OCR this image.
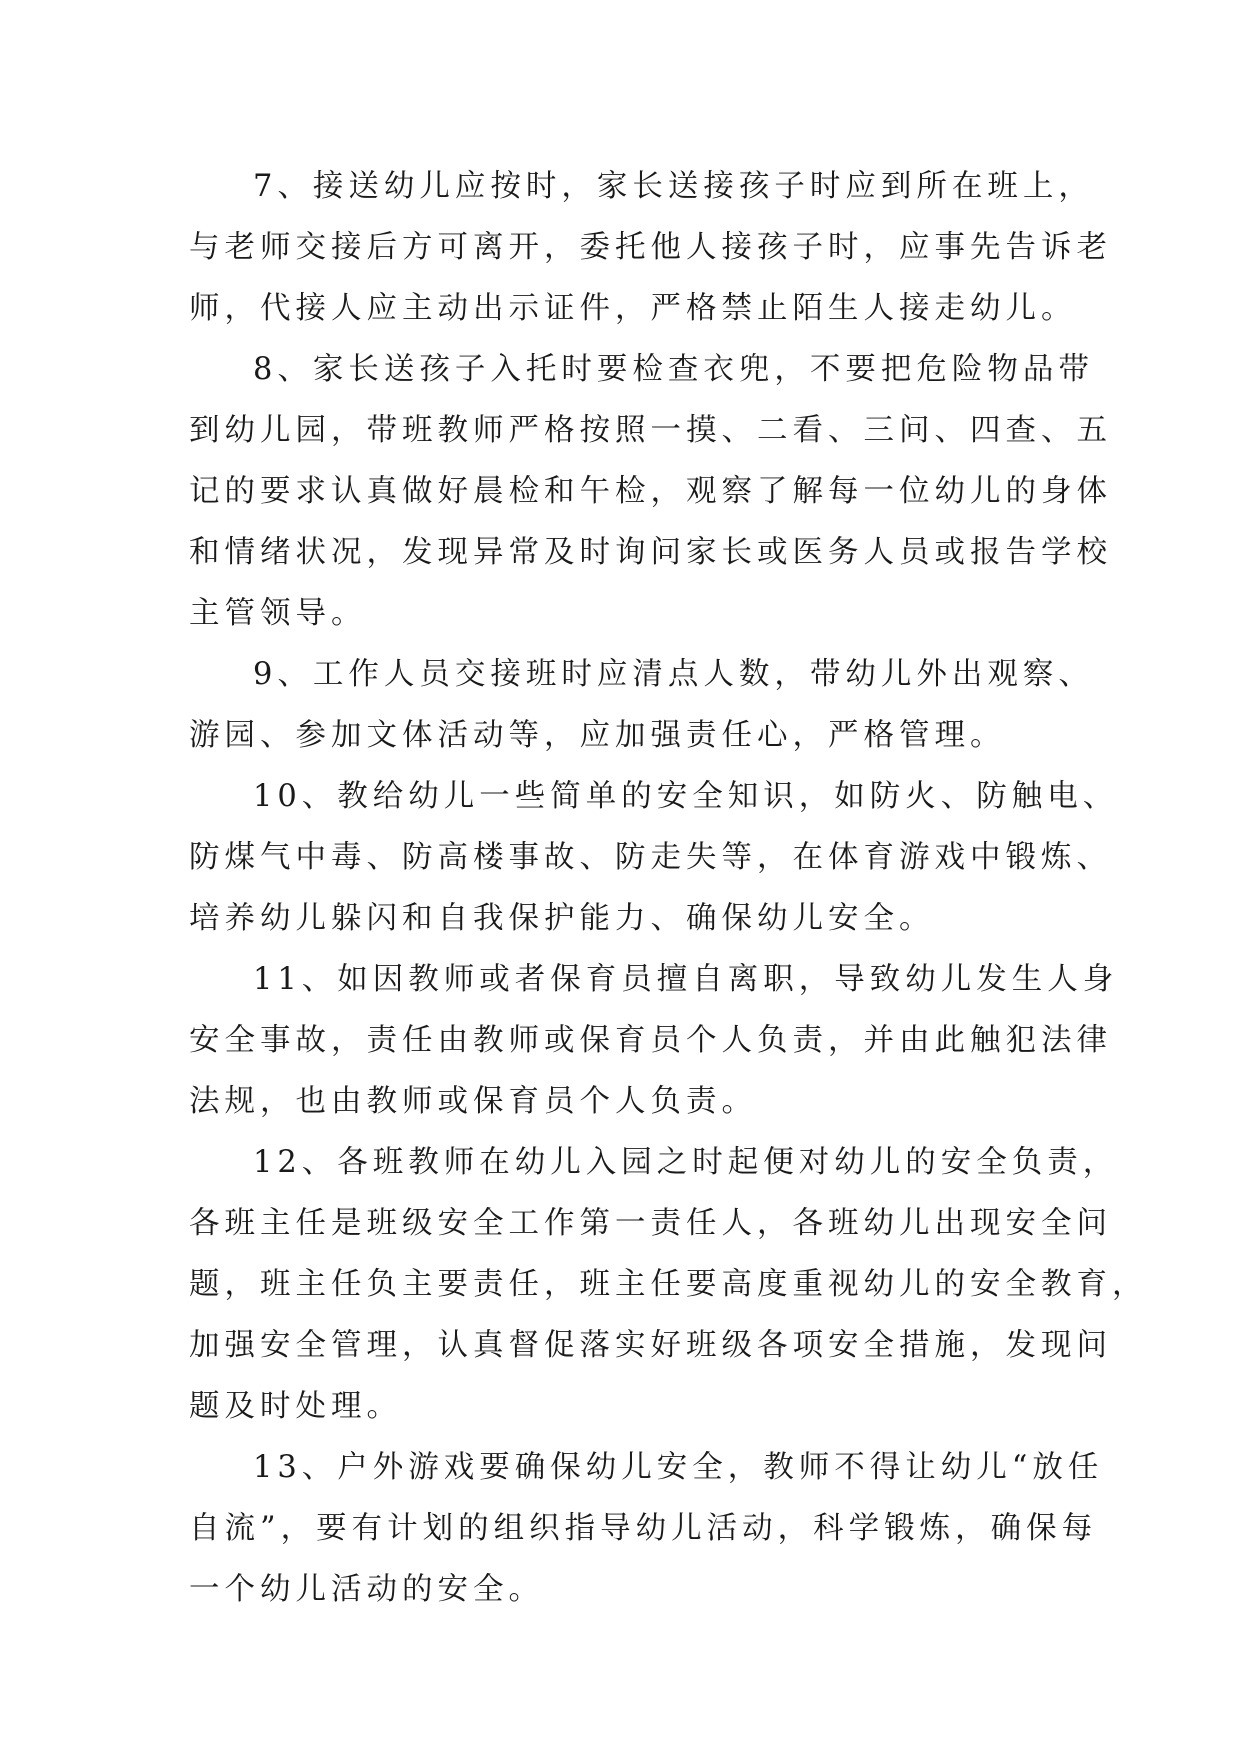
7、接送幼儿应按时，家长送接孩子时应到所在班上，
与老师交接后方可离开，委托他人接孩子时，应事先告诉老
师，代接人应主动出示证件，严格禁止陌生人接走幼儿。
8、家长送孩子入托时要检查衣兜，不要把危险物品带
到幼儿园，带班教师严格按照一摸、二看、三问、四查、五
记的要求认真做好晨检和午检，观察了解每一位幼儿的身体
和情绪状况，发现异常及时询问家长或医务人员或报告学校
主管领导。
9、工作人员交接班时应清点人数，带幼儿外出观察、
游园、参加文体活动等，应加强责任心，严格管理。
10、教给幼儿一些简单的安全知识，如防火、防触电、
防煤气中毒、防高楼事故、防走失等，在体育游戏中锻炼、
培养幼儿躲闪和自我保护能力、确保幼儿安全。
11、如因教师或者保育员擅自离职，导致幼儿发生人身
安全事故，责任由教师或保育员个人负责，并由此触犯法律
法规，也由教师或保育员个人负责。
12、各班教师在幼儿入园之时起便对幼儿的安全负责，
各班主任是班级安全工作第一责任人，各班幼儿出现安全问
题，班主任负主要责任，班主任要高度重视幼儿的安全教育，
加强安全管理，认真督促落实好班级各项安全措施，发现问
题及时处理。
13、户外游戏要确保幼儿安全，教师不得让幼儿“放任
自流”，要有计划的组织指导幼儿活动，科学锻炼，确保每
一个幼儿活动的安全。
